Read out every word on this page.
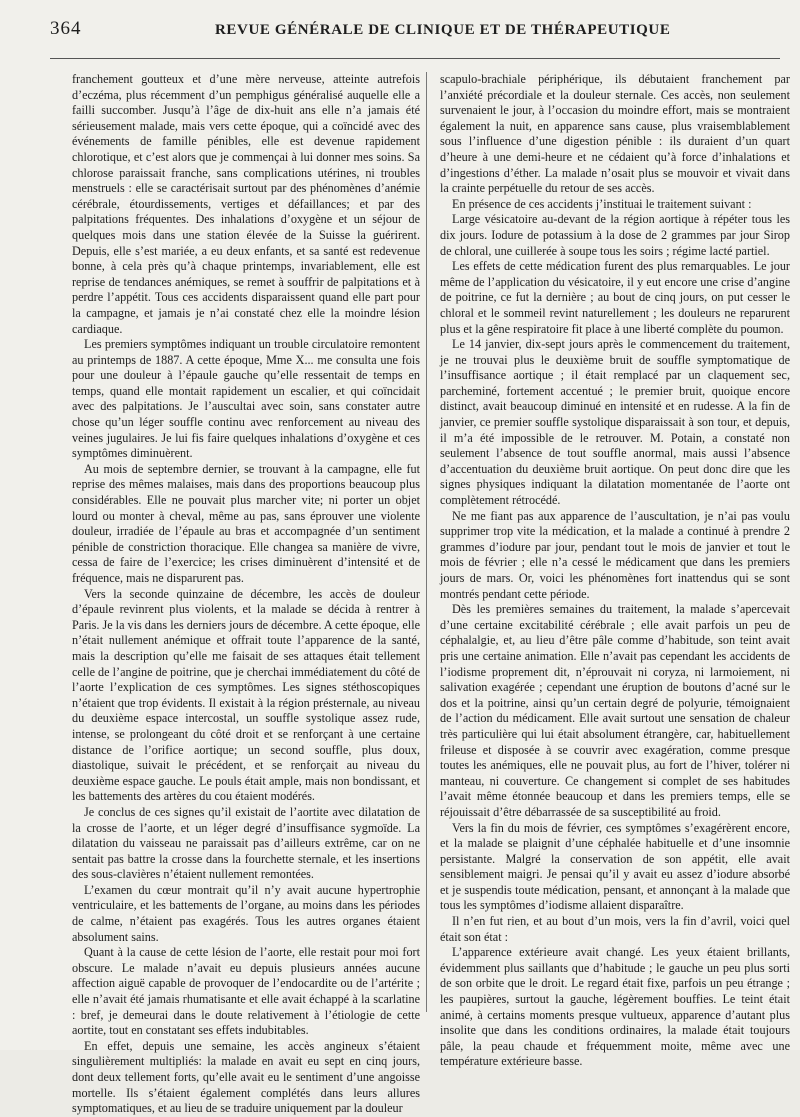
364	REVUE GÉNÉRALE DE CLINIQUE ET DE THÉRAPEUTIQUE

franchement goutteux et d’une mère nerveuse, atteinte autrefois d’eczéma, plus récemment d’un pemphigus généralisé auquelle elle a failli succomber. Jusqu’à l’âge de dix-huit ans elle n’a jamais été sérieusement malade, mais vers cette époque, qui a coïncidé avec des événements de famille pénibles, elle est devenue rapidement chlorotique, et c’est alors que je commençai à lui donner mes soins. Sa chlorose paraissait franche, sans complications utérines, ni troubles menstruels : elle se caractérisait surtout par des phénomènes d’anémie cérébrale, étourdissements, vertiges et défaillances; et par des palpitations fréquentes. Des inhalations d’oxygène et un séjour de quelques mois dans une station élevée de la Suisse la guérirent. Depuis, elle s’est mariée, a eu deux enfants, et sa santé est redevenue bonne, à cela près qu’à chaque printemps, invariablement, elle est reprise de tendances anémiques, se remet à souffrir de palpitations et à perdre l’appétit. Tous ces accidents disparaissent quand elle part pour la campagne, et jamais je n’ai constaté chez elle la moindre lésion cardiaque.

Les premiers symptômes indiquant un trouble circulatoire remontent au printemps de 1887. A cette époque, Mme X... me consulta une fois pour une douleur à l’épaule gauche qu’elle ressentait de temps en temps, quand elle montait rapidement un escalier, et qui coïncidait avec des palpitations. Je l’auscultai avec soin, sans constater autre chose qu’un léger souffle continu avec renforcement au niveau des veines jugulaires. Je lui fis faire quelques inhalations d’oxygène et ces symptômes diminuèrent.

Au mois de septembre dernier, se trouvant à la campagne, elle fut reprise des mêmes malaises, mais dans des proportions beaucoup plus considérables. Elle ne pouvait plus marcher vite; ni porter un objet lourd ou monter à cheval, même au pas, sans éprouver une violente douleur, irradiée de l’épaule au bras et accompagnée d’un sentiment pénible de constriction thoracique. Elle changea sa manière de vivre, cessa de faire de l’exercice; les crises diminuèrent d’intensité et de fréquence, mais ne disparurent pas.

Vers la seconde quinzaine de décembre, les accès de douleur d’épaule revinrent plus violents, et la malade se décida à rentrer à Paris. Je la vis dans les derniers jours de décembre. A cette époque, elle n’était nullement anémique et offrait toute l’apparence de la santé, mais la description qu’elle me faisait de ses attaques était tellement celle de l’angine de poitrine, que je cherchai immédiatement du côté de l’aorte l’explication de ces symptômes. Les signes stéthoscopiques n’étaient que trop évidents. Il existait à la région présternale, au niveau du deuxième espace intercostal, un souffle systolique assez rude, intense, se prolongeant du côté droit et se renforçant à une certaine distance de l’orifice aortique; un second souffle, plus doux, diastolique, suivait le précédent, et se renforçait au niveau du deuxième espace gauche. Le pouls était ample, mais non bondissant, et les battements des artères du cou étaient modérés.

Je conclus de ces signes qu’il existait de l’aortite avec dilatation de la crosse de l’aorte, et un léger degré d’insuffisance sygmoïde. La dilatation du vaisseau ne paraissait pas d’ailleurs extrême, car on ne sentait pas battre la crosse dans la fourchette sternale, et les insertions des sous-clavières n’étaient nullement remontées.

L’examen du cœur montrait qu’il n’y avait aucune hypertrophie ventriculaire, et les battements de l’organe, au moins dans les périodes de calme, n’étaient pas exagérés. Tous les autres organes étaient absolument sains.

Quant à la cause de cette lésion de l’aorte, elle restait pour moi fort obscure. Le malade n’avait eu depuis plusieurs années aucune affection aiguë capable de provoquer de l’endocardite ou de l’artérite ; elle n’avait été jamais rhumatisante et elle avait échappé à la scarlatine : bref, je demeurai dans le doute relativement à l’étiologie de cette aortite, tout en constatant ses effets indubitables.

En effet, depuis une semaine, les accès angineux s’étaient singulièrement multipliés: la malade en avait eu sept en cinq jours, dont deux tellement forts, qu’elle avait eu le sentiment d’une angoisse mortelle. Ils s’étaient également complétés dans leurs allures symptomatiques, et au lieu de se traduire uniquement par la douleur

scapulo-brachiale périphérique, ils débutaient franchement par l’anxiété précordiale et la douleur sternale. Ces accès, non seulement survenaient le jour, à l’occasion du moindre effort, mais se montraient également la nuit, en apparence sans cause, plus vraisemblablement sous l’influence d’une digestion pénible : ils duraient d’un quart d’heure à une demi-heure et ne cédaient qu’à force d’inhalations et d’ingestions d’éther. La malade n’osait plus se mouvoir et vivait dans la crainte perpétuelle du retour de ses accès.

En présence de ces accidents j’instituai le traitement suivant :

Large vésicatoire au-devant de la région aortique à répéter tous les dix jours. Iodure de potassium à la dose de 2 grammes par jour Sirop de chloral, une cuillerée à soupe tous les soirs ; régime lacté partiel.

Les effets de cette médication furent des plus remarquables. Le jour même de l’application du vésicatoire, il y eut encore une crise d’angine de poitrine, ce fut la dernière ; au bout de cinq jours, on put cesser le chloral et le sommeil revint naturellement ; les douleurs ne reparurent plus et la gêne respiratoire fit place à une liberté complète du poumon.

Le 14 janvier, dix-sept jours après le commencement du traitement, je ne trouvai plus le deuxième bruit de souffle symptomatique de l’insuffisance aortique ; il était remplacé par un claquement sec, parcheminé, fortement accentué ; le premier bruit, quoique encore distinct, avait beaucoup diminué en intensité et en rudesse. A la fin de janvier, ce premier souffle systolique disparaissait à son tour, et depuis, il m’a été impossible de le retrouver. M. Potain, a constaté non seulement l’absence de tout souffle anormal, mais aussi l’absence d’accentuation du deuxième bruit aortique. On peut donc dire que les signes physiques indiquant la dilatation momentanée de l’aorte ont complètement rétrocédé.

Ne me fiant pas aux apparence de l’auscultation, je n’ai pas voulu supprimer trop vite la médication, et la malade a continué à prendre 2 grammes d’iodure par jour, pendant tout le mois de janvier et tout le mois de février ; elle n’a cessé le médicament que dans les premiers jours de mars. Or, voici les phénomènes fort inattendus qui se sont montrés pendant cette période.

Dès les premières semaines du traitement, la malade s’apercevait d’une certaine excitabilité cérébrale ; elle avait parfois un peu de céphalalgie, et, au lieu d’être pâle comme d’habitude, son teint avait pris une certaine animation. Elle n’avait pas cependant les accidents de l’iodisme proprement dit, n’éprouvait ni coryza, ni larmoiement, ni salivation exagérée ; cependant une éruption de boutons d’acné sur le dos et la poitrine, ainsi qu’un certain degré de polyurie, témoignaient de l’action du médicament. Elle avait surtout une sensation de chaleur très particulière qui lui était absolument étrangère, car, habituellement frileuse et disposée à se couvrir avec exagération, comme presque toutes les anémiques, elle ne pouvait plus, au fort de l’hiver, tolérer ni manteau, ni couverture. Ce changement si complet de ses habitudes l’avait même étonnée beaucoup et dans les premiers temps, elle se réjouissait d’être débarrassée de sa susceptibilité au froid.

Vers la fin du mois de février, ces symptômes s’exagérèrent encore, et la malade se plaignit d’une céphalée habituelle et d’une insomnie persistante. Malgré la conservation de son appétit, elle avait sensiblement maigri. Je pensai qu’il y avait eu assez d’iodure absorbé et je suspendis toute médication, pensant, et annonçant à la malade que tous les symptômes d’iodisme allaient disparaître.

Il n’en fut rien, et au bout d’un mois, vers la fin d’avril, voici quel était son état :

L’apparence extérieure avait changé. Les yeux étaient brillants, évidemment plus saillants que d’habitude ; le gauche un peu plus sorti de son orbite que le droit. Le regard était fixe, parfois un peu étrange ; les paupières, surtout la gauche, légèrement bouffies. Le teint était animé, à certains moments presque vultueux, apparence d’autant plus insolite que dans les conditions ordinaires, la malade était toujours pâle, la peau chaude et fréquemment moite, même avec une température extérieure basse.
